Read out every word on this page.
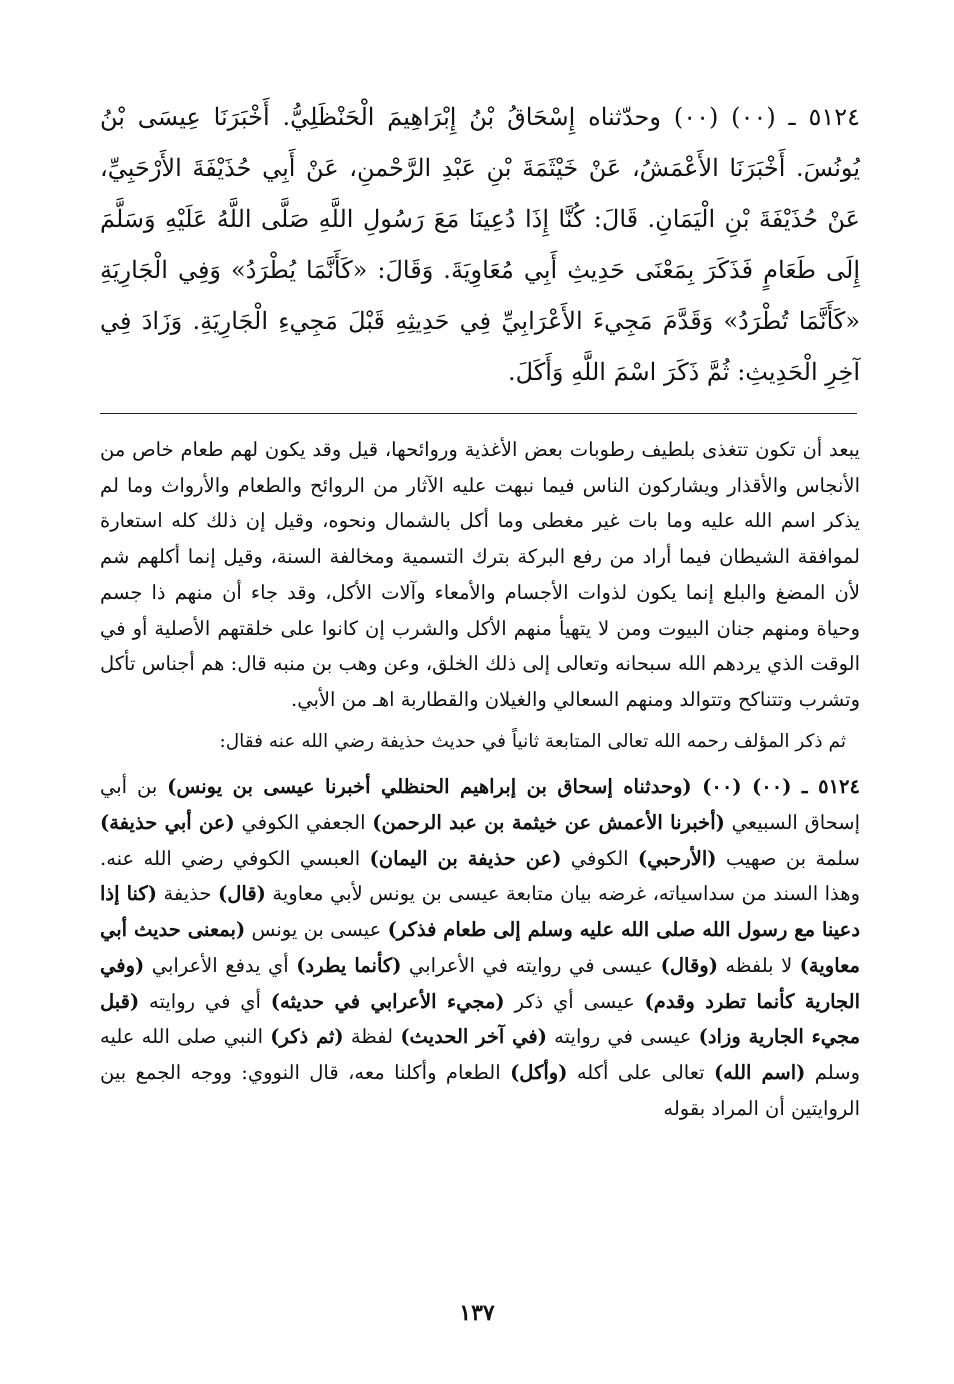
٥١٢٤ ـ (٠٠) (٠٠) وحدّثناه إِسْحَاقُ بْنُ إِبْرَاهِيمَ الْحَنْظَلِيُّ. أَخْبَرَنَا عِيسَى بْنُ يُونُسَ. أَخْبَرَنَا الأَعْمَشُ، عَنْ خَيْثَمَةَ بْنِ عَبْدِ الرَّحْمنِ، عَنْ أَبِي حُذَيْفَةَ الأَرْحَبِيِّ، عَنْ حُذَيْفَةَ بْنِ الْيَمَانِ. قَالَ: كُنَّا إِذَا دُعِينَا مَعَ رَسُولِ اللَّهِ صَلَّى اللَّهُ عَلَيْهِ وَسَلَّمَ إِلَى طَعَامٍ فَذَكَرَ بِمَعْنَى حَدِيثِ أَبِي مُعَاوِيَةَ. وَقَالَ: «كَأَنَّمَا يُطْرَدُ» وَفِي الْجَارِيَةِ «كَأَنَّمَا تُطْرَدُ» وَقَدَّمَ مَجِيءَ الأَعْرَابِيِّ فِي حَدِيثِهِ قَبْلَ مَجِيءِ الْجَارِيَةِ. وَزَادَ فِي آخِرِ الْحَدِيثِ: ثُمَّ ذَكَرَ اسْمَ اللَّهِ وَأَكَلَ.

يبعد أن تكون تتغذى بلطيف رطوبات بعض الأغذية وروائحها، قيل وقد يكون لهم طعام خاص من الأنجاس والأقذار ويشاركون الناس فيما نبهت عليه الآثار من الروائح والطعام والأرواث وما لم يذكر اسم الله عليه وما بات غير مغطى وما أكل بالشمال ونحوه، وقيل إن ذلك كله استعارة لموافقة الشيطان فيما أراد من رفع البركة بترك التسمية ومخالفة السنة، وقيل إنما أكلهم شم لأن المضغ والبلع إنما يكون لذوات الأجسام والأمعاء وآلات الأكل، وقد جاء أن منهم ذا جسم وحياة ومنهم جنان البيوت ومن لا يتهيأ منهم الأكل والشرب إن كانوا على خلقتهم الأصلية أو في الوقت الذي يردهم الله سبحانه وتعالى إلى ذلك الخلق، وعن وهب بن منبه قال: هم أجناس تأكل وتشرب وتتناكح وتتوالد ومنهم السعالي والغيلان والقطاربة اهـ من الأبي.

ثم ذكر المؤلف رحمه الله تعالى المتابعة ثانياً في حديث حذيفة رضي الله عنه فقال:

٥١٢٤ ـ (٠٠) (٠٠) (وحدثناه إسحاق بن إبراهيم الحنظلي أخبرنا عيسى بن يونس) بن أبي إسحاق السبيعي (أخبرنا الأعمش عن خيثمة بن عبد الرحمن) الجعفي الكوفي (عن أبي حذيفة) سلمة بن صهيب (الأرحبي) الكوفي (عن حذيفة بن اليمان) العبسي الكوفي رضي الله عنه. وهذا السند من سداسياته، غرضه بيان متابعة عيسى بن يونس لأبي معاوية (قال) حذيفة (كنا إذا دعينا مع رسول الله صلى الله عليه وسلم إلى طعام فذكر) عيسى بن يونس (بمعنى حديث أبي معاوية) لا بلفظه (وقال) عيسى في روايته في الأعرابي (كأنما يطرد) أي يدفع الأعرابي (وفي الجارية كأنما تطرد وقدم) عيسى أي ذكر (مجيء الأعرابي في حديثه) أي في روايته (قبل مجيء الجارية وزاد) عيسى في روايته (في آخر الحديث) لفظة (ثم ذكر) النبي صلى الله عليه وسلم (اسم الله) تعالى على أكله (وأكل) الطعام وأكلنا معه، قال النووي: ووجه الجمع بين الروايتين أن المراد بقوله

١٣٧
